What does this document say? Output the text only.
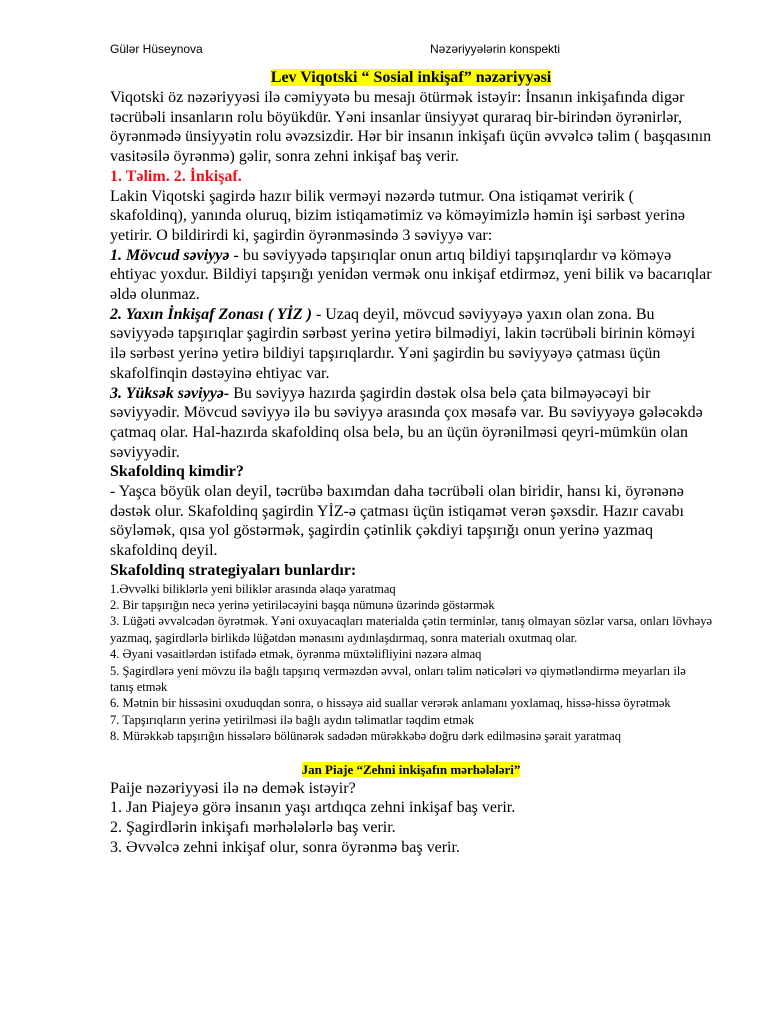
Gülər Hüseynova	Nəzəriyyələrin konspekti
Lev Viqotski “ Sosial inkişaf” nəzəriyyəsi

Viqotski öz nəzəriyyəsi ilə cəmiyyətə bu mesajı ötürmək istəyir: İnsanın inkişafında digər təcrübəli insanların rolu böyükdür. Yəni insanlar ünsiyyət quraraq bir-birindən öyrənirlər, öyrənmədə ünsiyyətin rolu əvəzsizdir. Hər bir insanın inkişafı üçün əvvəlcə təlim ( başqasının vasitəsilə öyrənmə) gəlir, sonra zehni inkişaf baş verir.

1. Təlim. 2. İnkişaf.

Lakin Viqotski şagirdə hazır bilik verməyi nəzərdə tutmur. Ona istiqamət veririk ( skafoldinq), yanında oluruq, bizim istiqamətimiz və köməyimizlə həmin işi sərbəst yerinə yetirir. O bildirirdi ki, şagirdin öyrənməsində 3 səviyyə var:

1. Mövcud səviyyə - bu səviyyədə tapşırıqlar onun artıq bildiyi tapşırıqlardır və köməyə ehtiyac yoxdur. Bildiyi tapşırığı yenidən vermək onu inkişaf etdirməz, yeni bilik və bacarıqlar əldə olunmaz.

2. Yaxın İnkişaf Zonası ( YİZ ) - Uzaq deyil, mövcud səviyyəyə yaxın olan zona. Bu səviyyədə tapşırıqlar şagirdin sərbəst yerinə yetirə bilmədiyi, lakin təcrübəli birinin köməyi ilə sərbəst yerinə yetirə bildiyi tapşırıqlardır. Yəni şagirdin bu səviyyəyə çatması üçün skafolfinqin dəstəyinə ehtiyac var.

3. Yüksək səviyyə- Bu səviyyə hazırda şagirdin dəstək olsa belə çata bilməyəcəyi bir səviyyədir. Mövcud səviyyə ilə bu səviyyə arasında çox məsafə var. Bu səviyyəyə gələcəkdə çatmaq olar. Hal-hazırda skafoldinq olsa belə, bu an üçün öyrənilməsi qeyri-mümkün olan səviyyədir.

Skafoldinq kimdir?

- Yaşca böyük olan deyil, təcrübə baxımdan daha təcrübəli olan biridir, hansı ki, öyrənənə dəstək olur. Skafoldinq şagirdin YİZ-ə çatması üçün istiqamət verən şəxsdir. Hazır cavabı söyləmək, qısa yol göstərmək, şagirdin çətinlik çəkdiyi tapşırığı onun yerinə yazmaq skafoldinq deyil.

Skafoldinq strategiyaları bunlardır:

1.Əvvəlki biliklərlə yeni biliklər arasında əlaqə yaratmaq

2. Bir tapşırığın necə yerinə yetiriləcəyini başqa nümunə üzərində göstərmək

3. Lüğəti əvvəlcədən öyrətmək. Yəni oxuyacaqları materialda çətin terminlər, tanış olmayan sözlər varsa, onları lövhəyə yazmaq, şagirdlərlə birlikdə lüğətdən mənasını aydınlaşdırmaq, sonra materialı oxutmaq olar.

4. Əyani vəsaitlərdən istifadə etmək, öyrənmə müxtəlifliyini nəzərə almaq

5. Şagirdlərə yeni mövzu ilə bağlı tapşırıq verməzdən əvvəl, onları təlim nəticələri və qiymətləndirmə meyarları ilə tanış etmək

6. Mətnin bir hissəsini oxuduqdan sonra, o hissəyə aid suallar verərək anlamanı yoxlamaq, hissə-hissə öyrətmək

7. Tapşırıqların yerinə yetirilməsi ilə bağlı aydın təlimatlar təqdim etmək

8. Mürəkkəb tapşırığın hissələrə bölünərək sadədən mürəkkəbə doğru dərk edilməsinə şərait yaratmaq

Jan Piaje “Zehni inkişafın mərhələləri”

Paije nəzəriyyəsi ilə nə demək istəyir?

1. Jan Piajeyə görə insanın yaşı artdıqca zehni inkişaf baş verir.

2. Şagirdlərin inkişafı mərhələlərlə baş verir.

3. Əvvəlcə zehni inkişaf olur, sonra öyrənmə baş verir.
